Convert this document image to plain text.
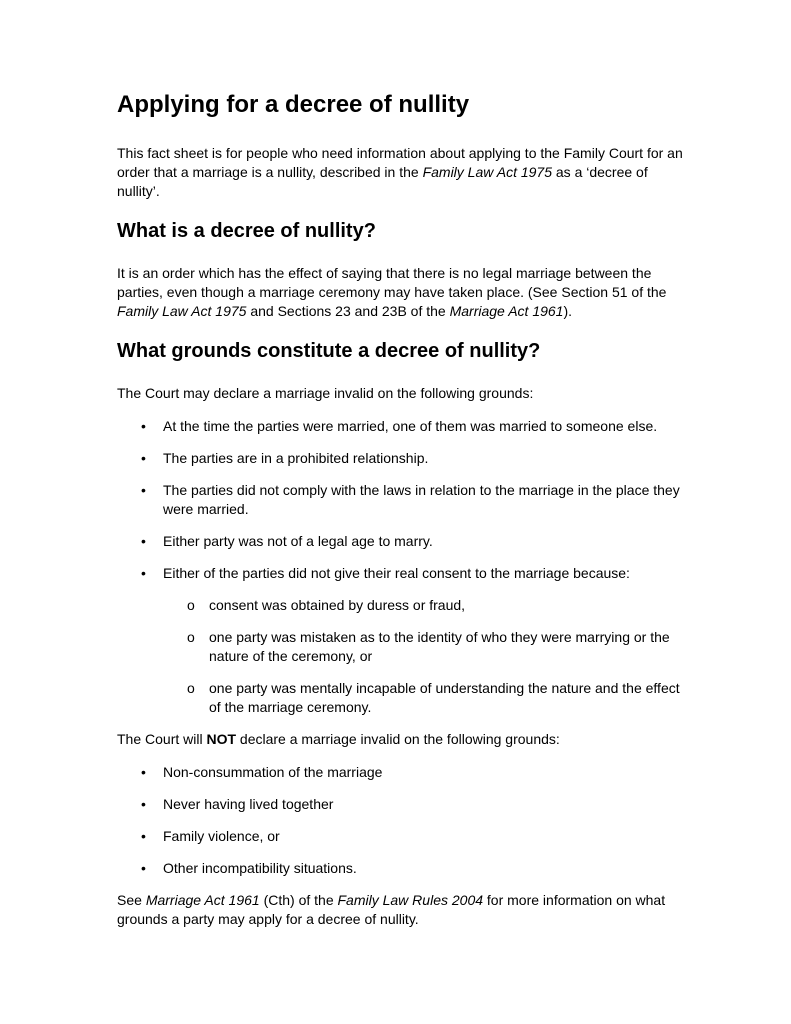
Applying for a decree of nullity

This fact sheet is for people who need information about applying to the Family Court for an order that a marriage is a nullity, described in the Family Law Act 1975 as a ‘decree of nullity’.

What is a decree of nullity?

It is an order which has the effect of saying that there is no legal marriage between the parties, even though a marriage ceremony may have taken place. (See Section 51 of the Family Law Act 1975 and Sections 23 and 23B of the Marriage Act 1961).

What grounds constitute a decree of nullity?

The Court may declare a marriage invalid on the following grounds:

• At the time the parties were married, one of them was married to someone else.
• The parties are in a prohibited relationship.
• The parties did not comply with the laws in relation to the marriage in the place they were married.
• Either party was not of a legal age to marry.
• Either of the parties did not give their real consent to the marriage because:
o consent was obtained by duress or fraud,
o one party was mistaken as to the identity of who they were marrying or the nature of the ceremony, or
o one party was mentally incapable of understanding the nature and the effect of the marriage ceremony.

The Court will NOT declare a marriage invalid on the following grounds:

• Non-consummation of the marriage
• Never having lived together
• Family violence, or
• Other incompatibility situations.

See Marriage Act 1961 (Cth) of the Family Law Rules 2004 for more information on what grounds a party may apply for a decree of nullity.
